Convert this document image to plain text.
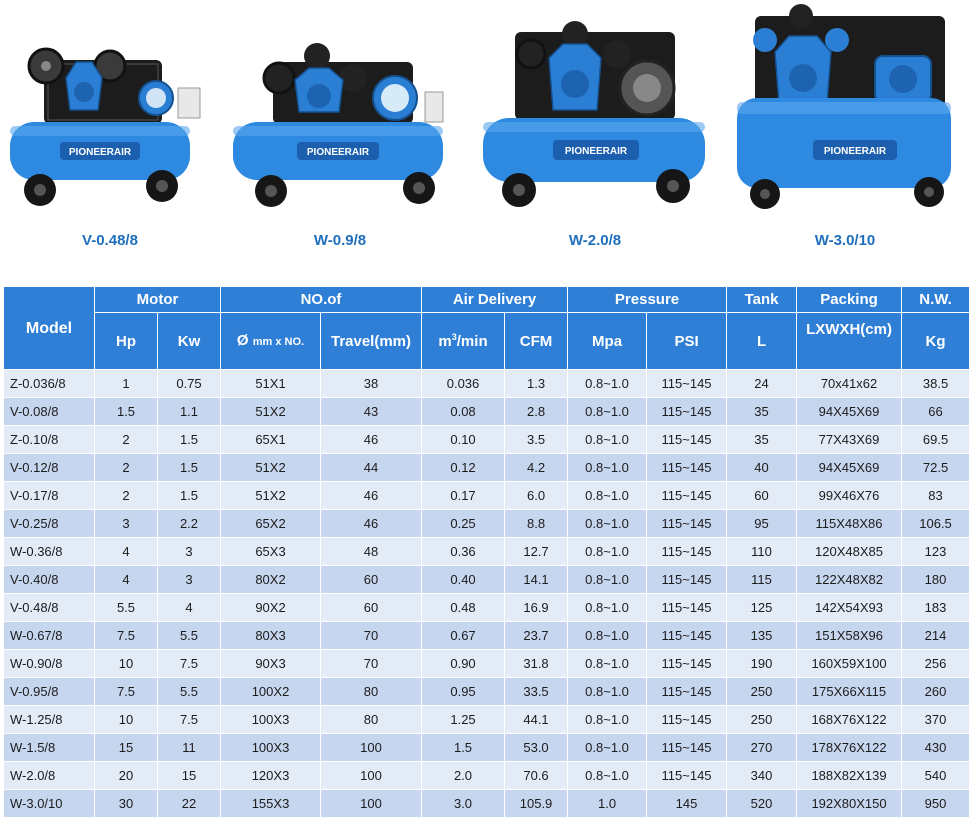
PIONEERAIR
V-0.48/8
PIONEERAIR
W-0.9/8
PIONEERAIR
W-2.0/8
PIONEERAIR
W-3.0/10
Model	Motor		NO.of		Air Delivery		Pressure		Tank	Packing	N.W.
	Hp	Kw	Ø mm x NO.	Travel(mm)	$m^3/\min$	CFM	Mpa	PSI	L	LXWXH(cm)	Kg
Z-0.036/8	1	0.75	51X1	38	0.036	1.3	0.8~1.0	115~145	24	70x41x62	38.5
V-0.08/8	1.5	1.1	51X2	43	0.08	2.8	0.8~1.0	115~145	35	94X45X69	66
Z-0.10/8	2	1.5	65X1	46	0.10	3.5	0.8~1.0	115~145	35	77X43X69	69.5
V-0.12/8	2	1.5	51X2	44	0.12	4.2	0.8~1.0	115~145	40	94X45X69	72.5
V-0.17/8	2	1.5	51X2	46	0.17	6.0	0.8~1.0	115~145	60	99X46X76	83
V-0.25/8	3	2.2	65X2	46	0.25	8.8	0.8~1.0	115~145	95	115X48X86	106.5
W-0.36/8	4	3	65X3	48	0.36	12.7	0.8~1.0	115~145	110	120X48X85	123
V-0.40/8	4	3	80X2	60	0.40	14.1	0.8~1.0	115~145	115	122X48X82	180
V-0.48/8	5.5	4	90X2	60	0.48	16.9	0.8~1.0	115~145	125	142X54X93	183
W-0.67/8	7.5	5.5	80X3	70	0.67	23.7	0.8~1.0	115~145	135	151X58X96	214
W-0.90/8	10	7.5	90X3	70	0.90	31.8	0.8~1.0	115~145	190	160X59X100	256
V-0.95/8	7.5	5.5	100X2	80	0.95	33.5	0.8~1.0	115~145	250	175X66X115	260
W-1.25/8	10	7.5	100X3	80	1.25	44.1	0.8~1.0	115~145	250	168X76X122	370
W-1.5/8	15	11	100X3	100	1.5	53.0	0.8~1.0	115~145	270	178X76X122	430
W-2.0/8	20	15	120X3	100	2.0	70.6	0.8~1.0	115~145	340	188X82X139	540
W-3.0/10	30	22	155X3	100	3.0	105.9	1.0	145	520	192X80X150	950
